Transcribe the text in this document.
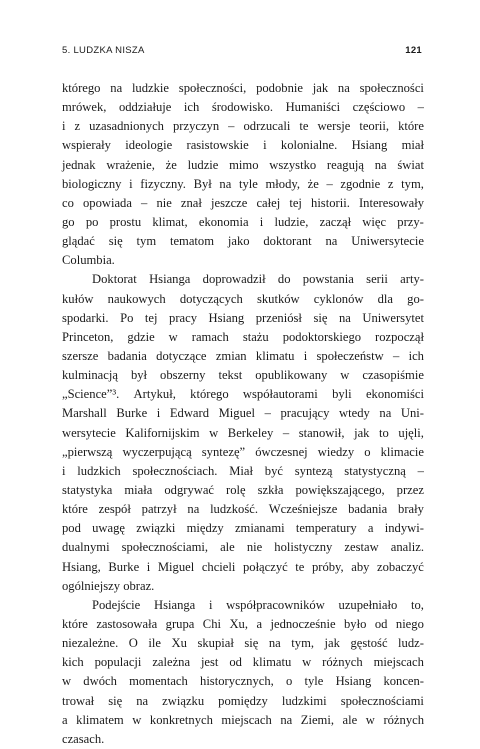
5. LUDZKA NISZA	121
którego na ludzkie społeczności, podobnie jak na społeczności
mrówek, oddziałuje ich środowisko. Humaniści częściowo –
i z uzasadnionych przyczyn – odrzucali te wersje teorii, które
wspierały ideologie rasistowskie i kolonialne. Hsiang miał
jednak wrażenie, że ludzie mimo wszystko reagują na świat
biologiczny i fizyczny. Był na tyle młody, że – zgodnie z tym,
co opowiada – nie znał jeszcze całej tej historii. Interesowały
go po prostu klimat, ekonomia i ludzie, zaczął więc przy-
glądać się tym tematom jako doktorant na Uniwersytecie
Columbia.
Doktorat Hsianga doprowadził do powstania serii arty-
kułów naukowych dotyczących skutków cyklonów dla go-
spodarki. Po tej pracy Hsiang przeniósł się na Uniwersytet
Princeton, gdzie w ramach stażu podoktorskiego rozpoczął
szersze badania dotyczące zmian klimatu i społeczeństw – ich
kulminacją był obszerny tekst opublikowany w czasopiśmie
„Science”³. Artykuł, którego współautorami byli ekonomiści
Marshall Burke i Edward Miguel – pracujący wtedy na Uni-
wersytecie Kalifornijskim w Berkeley – stanowił, jak to ujęli,
„pierwszą wyczerpującą syntezę” ówczesnej wiedzy o klimacie
i ludzkich społecznościach. Miał być syntezą statystyczną –
statystyka miała odgrywać rolę szkła powiększającego, przez
które zespół patrzył na ludzkość. Wcześniejsze badania brały
pod uwagę związki między zmianami temperatury a indywi-
dualnymi społecznościami, ale nie holistyczny zestaw analiz.
Hsiang, Burke i Miguel chcieli połączyć te próby, aby zobaczyć
ogólniejszy obraz.
Podejście Hsianga i współpracowników uzupełniało to,
które zastosowała grupa Chi Xu, a jednocześnie było od niego
niezależne. O ile Xu skupiał się na tym, jak gęstość ludz-
kich populacji zależna jest od klimatu w różnych miejscach
w dwóch momentach historycznych, o tyle Hsiang koncen-
trował się na związku pomiędzy ludzkimi społecznościami
a klimatem w konkretnych miejscach na Ziemi, ale w różnych
czasach.
